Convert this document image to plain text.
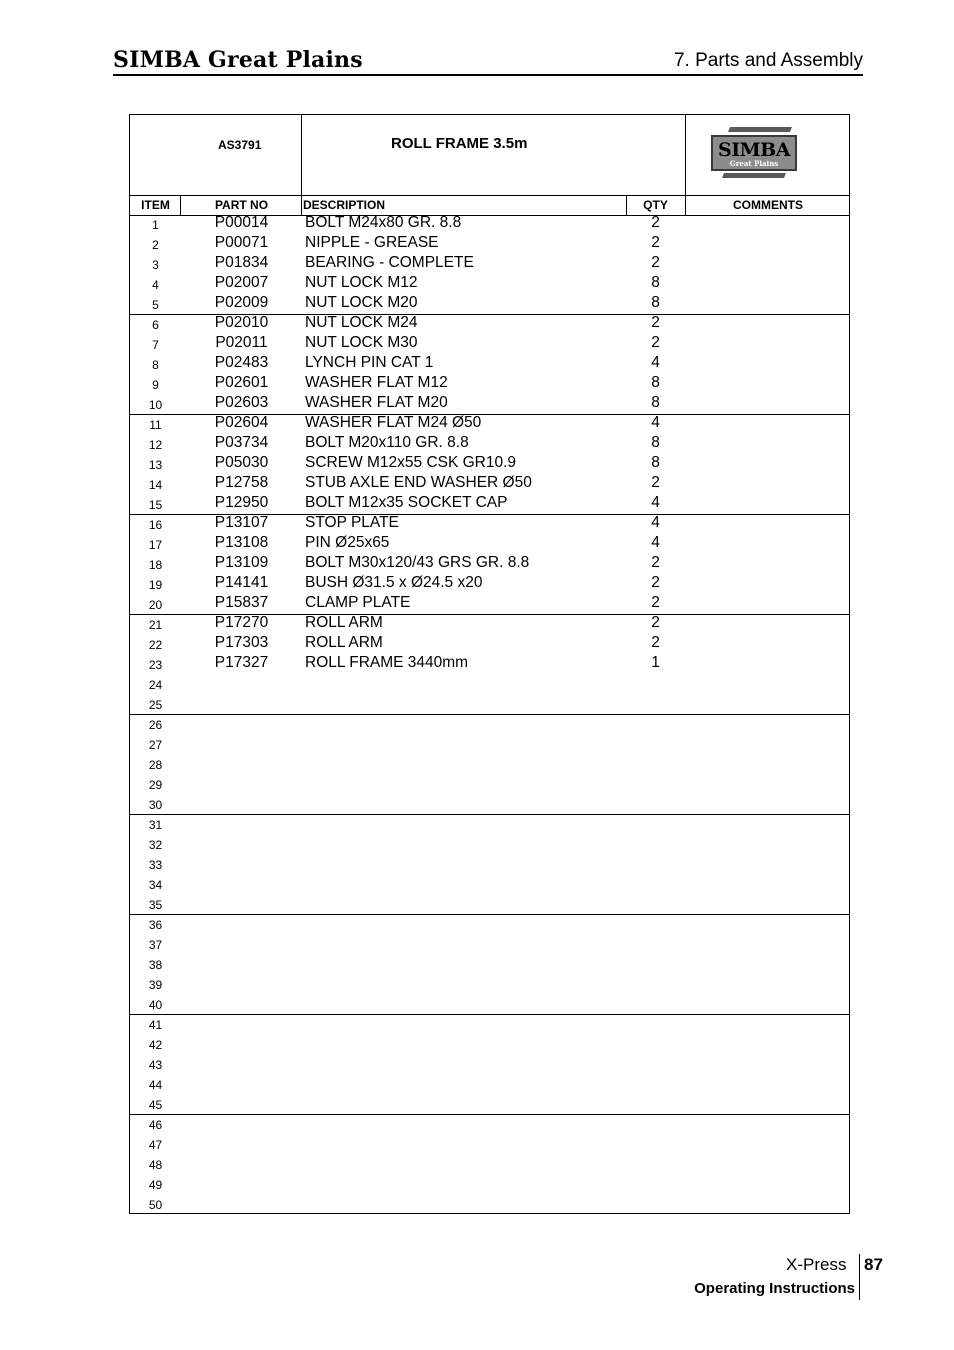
SIMBA Great Plains	7. Parts and Assembly
AS3791	ROLL FRAME 3.5m	SIMBA
Great Plains
ITEM	PART NO	DESCRIPTION	QTY	COMMENTS
1	P00014	BOLT M24x80 GR. 8.8	2
2	P00071	NIPPLE - GREASE	2
3	P01834	BEARING - COMPLETE	2
4	P02007	NUT LOCK M12	8
5	P02009	NUT LOCK M20	8
6	P02010	NUT LOCK M24	2
7	P02011	NUT LOCK M30	2
8	P02483	LYNCH PIN CAT 1	4
9	P02601	WASHER FLAT M12	8
10	P02603	WASHER FLAT M20	8
11	P02604	WASHER FLAT M24 Ø50	4
12	P03734	BOLT M20x110 GR. 8.8	8
13	P05030	SCREW M12x55 CSK GR10.9	8
14	P12758	STUB AXLE END WASHER Ø50	2
15	P12950	BOLT M12x35 SOCKET CAP	4
16	P13107	STOP PLATE	4
17	P13108	PIN Ø25x65	4
18	P13109	BOLT M30x120/43 GRS GR. 8.8	2
19	P14141	BUSH Ø31.5 x Ø24.5 x20	2
20	P15837	CLAMP PLATE	2
21	P17270	ROLL ARM	2
22	P17303	ROLL ARM	2
23	P17327	ROLL FRAME 3440mm	1
24
25
26
27
28
29
30
31
32
33
34
35
36
37
38
39
40
41
42
43
44
45
46
47
48
49
50
X-Press 87
Operating Instructions
